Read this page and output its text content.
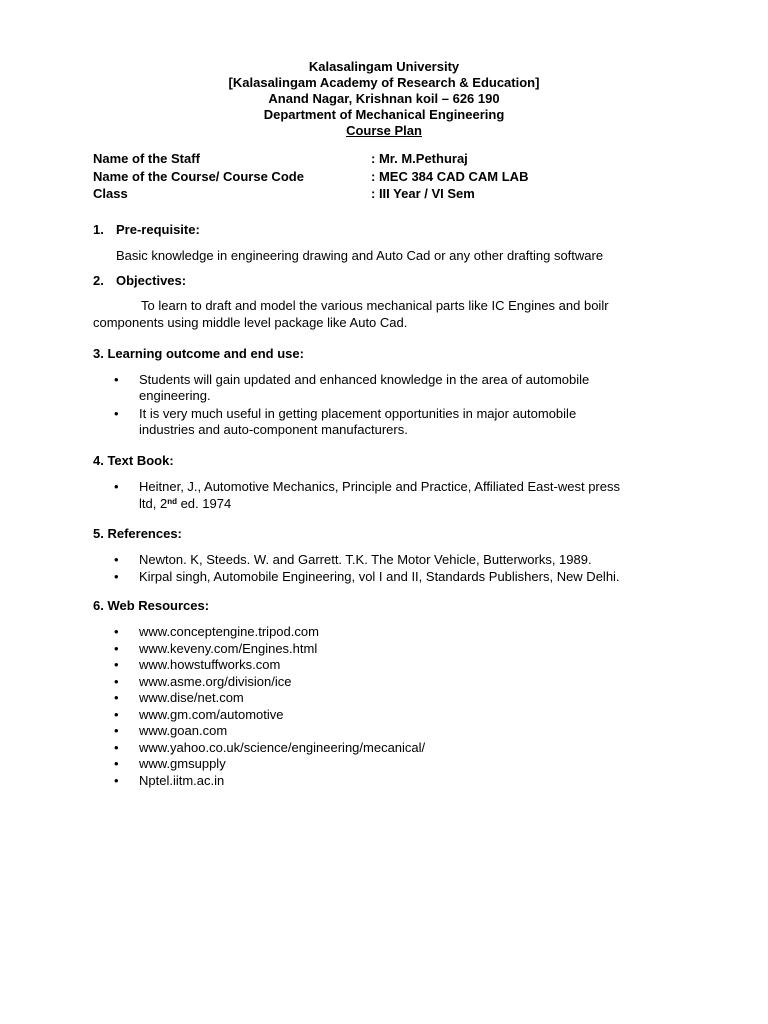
Kalasalingam University
[Kalasalingam Academy of Research & Education]
Anand Nagar, Krishnan koil – 626 190
Department of Mechanical Engineering
Course Plan
Name of the Staff	: Mr. M.Pethuraj
Name of the Course/ Course Code	: MEC 384 CAD CAM LAB
Class	: III Year / VI Sem
1. Pre-requisite:
Basic knowledge in engineering drawing and Auto Cad or any other drafting software
2. Objectives:
To learn to draft and model the various mechanical parts like IC Engines and boilr
components using middle level package like Auto Cad.
3. Learning outcome and end use:
• Students will gain updated and enhanced knowledge in the area of automobile
engineering.
• It is very much useful in getting placement opportunities in major automobile
industries and auto-component manufacturers.
4. Text Book:
• Heitner, J., Automotive Mechanics, Principle and Practice, Affiliated East-west press
ltd, 2nd ed. 1974
5. References:
• Newton. K, Steeds. W. and Garrett. T.K. The Motor Vehicle, Butterworks, 1989.
• Kirpal singh, Automobile Engineering, vol I and II, Standards Publishers, New Delhi.
6. Web Resources:
• www.conceptengine.tripod.com
• www.keveny.com/Engines.html
• www.howstuffworks.com
• www.asme.org/division/ice
• www.dise/net.com
• www.gm.com/automotive
• www.goan.com
• www.yahoo.co.uk/science/engineering/mecanical/
• www.gmsupply
• Nptel.iitm.ac.in
